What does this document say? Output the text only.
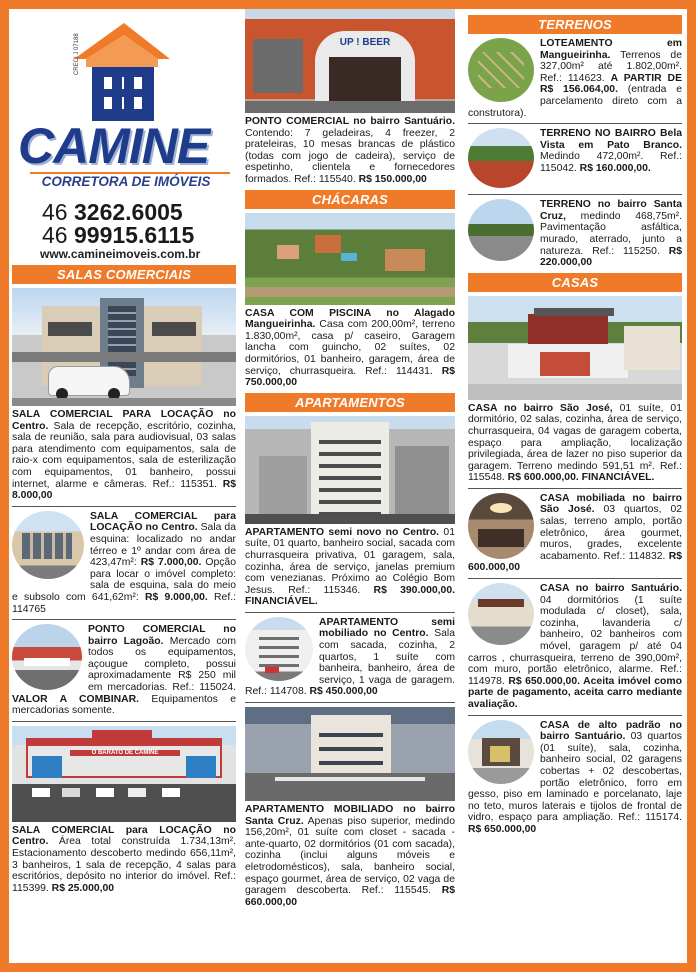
CRECI J 07188
CAMINE
CORRETORA DE IMÓVEIS
46 3262.6005
46 99915.6115
www.camineimoveis.com.br
SALAS COMERCIAIS
SALA COMERCIAL PARA LOCAÇÃO no Centro. Sala de recepção, escritório, cozinha, sala de reunião, sala para audiovisual, 03 salas para atendimento com equipamentos, sala de raio-x com equipamentos, sala de esterilização com equipamentos, 01 banheiro, possui internet, alarme e câmeras. Ref.: 115351. R$ 8.000,00
SALA COMERCIAL para LOCAÇÃO no Centro. Sala da esquina: localizado no andar térreo e 1º andar com área de 423,47m²: R$ 7.000,00. Opção para locar o imóvel completo: sala de esquina, sala do meio e subsolo com 641,62m²: R$ 9.000,00. Ref.: 114765
PONTO COMERCIAL no bairro Lagoão. Mercado com todos os equipamentos, açougue completo, possui aproximadamente R$ 250 mil em mercadorias. Ref.: 115024. VALOR A COMBINAR. Equipamentos e mercadorias somente.
O BARATO DE CAMINE
SALA COMERCIAL para LOCAÇÃO no Centro. Área total construída 1.734,13m². Estacionamento descoberto medindo 656,11m², 3 banheiros, 1 sala de recepção, 4 salas para escritórios, depósito no interior do imóvel. Ref.: 115399. R$ 25.000,00
UP ! BEER
PONTO COMERCIAL no bairro Santuário. Contendo: 7 geladeiras, 4 freezer, 2 prateleiras, 10 mesas brancas de plástico (todas com jogo de cadeira), serviço de espetinho, clientela e fornecedores formados. Ref.: 115540. R$ 150.000,00
CHÁCARAS
CASA COM PISCINA no Alagado Mangueirinha. Casa com 200,00m², terreno 1.830,00m², casa p/ caseiro, Garagem lancha com guincho, 02 suítes, 02 dormitórios, 01 banheiro, garagem, área de serviço, churrasqueira. Ref.: 114431. R$ 750.000,00
APARTAMENTOS
APARTAMENTO semi novo no Centro. 01 suíte, 01 quarto, banheiro social, sacada com churrasqueira privativa, 01 garagem, sala, cozinha, área de serviço, janelas premium com venezianas. Próximo ao Colégio Bom Jesus. Ref.: 115346. R$ 390.000,00. FINANCIÁVEL.
APARTAMENTO semi mobiliado no Centro. Sala com sacada, cozinha, 2 quartos, 1 suíte com banheira, banheiro, área de serviço, 1 vaga de garagem. Ref.: 114708. R$ 450.000,00
APARTAMENTO MOBILIADO no bairro Santa Cruz. Apenas piso superior, medindo 156,20m², 01 suíte com closet - sacada - ante-quarto, 02 dormitórios (01 com sacada), cozinha (inclui alguns móveis e eletrodomésticos), sala, banheiro social, espaço gourmet, área de serviço, 02 vaga de garagem descoberta. Ref.: 115545. R$ 660.000,00
TERRENOS
LOTEAMENTO em Mangueirinha. Terrenos de 327,00m² até 1.802,00m². Ref.: 114623. A PARTIR DE R$ 156.064,00. (entrada e parcelamento direto com a construtora).
TERRENO NO BAIRRO Bela Vista em Pato Branco. Medindo 472,00m². Ref.: 115042. R$ 160.000,00.
TERRENO no bairro Santa Cruz, medindo 468,75m². Pavimentação asfáltica, murado, aterrado, junto a natureza. Ref.: 115250. R$ 220.000,00
CASAS
CASA no bairro São José, 01 suíte, 01 dormitório, 02 salas, cozinha, área de serviço, churrasqueira, 04 vagas de garagem coberta, espaço para ampliação, localização privilegiada, área de lazer no piso superior da garagem. Terreno medindo 591,51 m². Ref.: 115548. R$ 600.000,00. FINANCIÁVEL.
CASA mobiliada no bairro São José. 03 quartos, 02 salas, terreno amplo, portão eletrônico, área gourmet, muros, grades, excelente acabamento. Ref.: 114832. R$ 600.000,00
CASA no bairro Santuário. 04 dormitórios (1 suíte modulada c/ closet), sala, cozinha, lavanderia c/ banheiro, 02 banheiros com móvel, garagem p/ até 04 carros , churrasqueira, terreno de 390,00m², com muro, portão eletrônico, alarme. Ref.: 114978. R$ 650.000,00. Aceita imóvel como parte de pagamento, aceita carro mediante avaliação.
CASA de alto padrão no bairro Santuário. 03 quartos (01 suíte), sala, cozinha, banheiro social, 02 garagens cobertas + 02 descobertas, portão eletrônico, forro em gesso, piso em laminado e porcelanato, laje no teto, muros laterais e tijolos de frontal de vidro, espaço para ampliação. Ref.: 115174. R$ 650.000,00
